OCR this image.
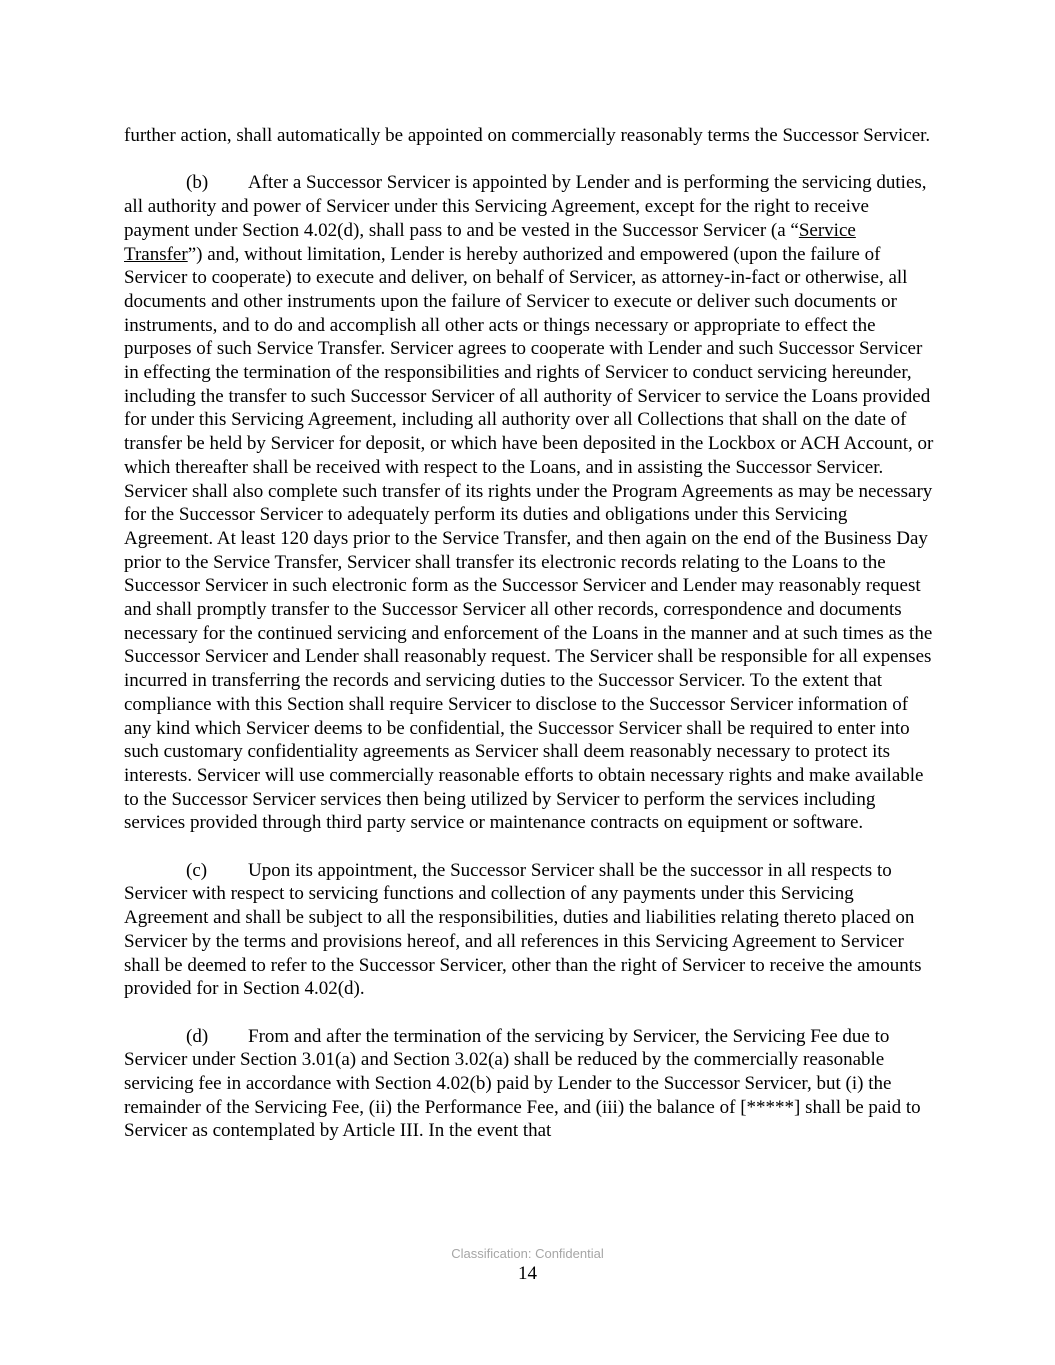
further action, shall automatically be appointed on commercially reasonably terms the Successor Servicer.

(b) After a Successor Servicer is appointed by Lender and is performing the servicing duties, all authority and power of Servicer under this Servicing Agreement, except for the right to receive payment under Section 4.02(d), shall pass to and be vested in the Successor Servicer (a “Service Transfer”) and, without limitation, Lender is hereby authorized and empowered (upon the failure of Servicer to cooperate) to execute and deliver, on behalf of Servicer, as attorney-in-fact or otherwise, all documents and other instruments upon the failure of Servicer to execute or deliver such documents or instruments, and to do and accomplish all other acts or things necessary or appropriate to effect the purposes of such Service Transfer. Servicer agrees to cooperate with Lender and such Successor Servicer in effecting the termination of the responsibilities and rights of Servicer to conduct servicing hereunder, including the transfer to such Successor Servicer of all authority of Servicer to service the Loans provided for under this Servicing Agreement, including all authority over all Collections that shall on the date of transfer be held by Servicer for deposit, or which have been deposited in the Lockbox or ACH Account, or which thereafter shall be received with respect to the Loans, and in assisting the Successor Servicer. Servicer shall also complete such transfer of its rights under the Program Agreements as may be necessary for the Successor Servicer to adequately perform its duties and obligations under this Servicing Agreement. At least 120 days prior to the Service Transfer, and then again on the end of the Business Day prior to the Service Transfer, Servicer shall transfer its electronic records relating to the Loans to the Successor Servicer in such electronic form as the Successor Servicer and Lender may reasonably request and shall promptly transfer to the Successor Servicer all other records, correspondence and documents necessary for the continued servicing and enforcement of the Loans in the manner and at such times as the Successor Servicer and Lender shall reasonably request. The Servicer shall be responsible for all expenses incurred in transferring the records and servicing duties to the Successor Servicer. To the extent that compliance with this Section shall require Servicer to disclose to the Successor Servicer information of any kind which Servicer deems to be confidential, the Successor Servicer shall be required to enter into such customary confidentiality agreements as Servicer shall deem reasonably necessary to protect its interests. Servicer will use commercially reasonable efforts to obtain necessary rights and make available to the Successor Servicer services then being utilized by Servicer to perform the services including services provided through third party service or maintenance contracts on equipment or software.

(c) Upon its appointment, the Successor Servicer shall be the successor in all respects to Servicer with respect to servicing functions and collection of any payments under this Servicing Agreement and shall be subject to all the responsibilities, duties and liabilities relating thereto placed on Servicer by the terms and provisions hereof, and all references in this Servicing Agreement to Servicer shall be deemed to refer to the Successor Servicer, other than the right of Servicer to receive the amounts provided for in Section 4.02(d).

(d) From and after the termination of the servicing by Servicer, the Servicing Fee due to Servicer under Section 3.01(a) and Section 3.02(a) shall be reduced by the commercially reasonable servicing fee in accordance with Section 4.02(b) paid by Lender to the Successor Servicer, but (i) the remainder of the Servicing Fee, (ii) the Performance Fee, and (iii) the balance of [*****] shall be paid to Servicer as contemplated by Article III. In the event that

Classification: Confidential
14
